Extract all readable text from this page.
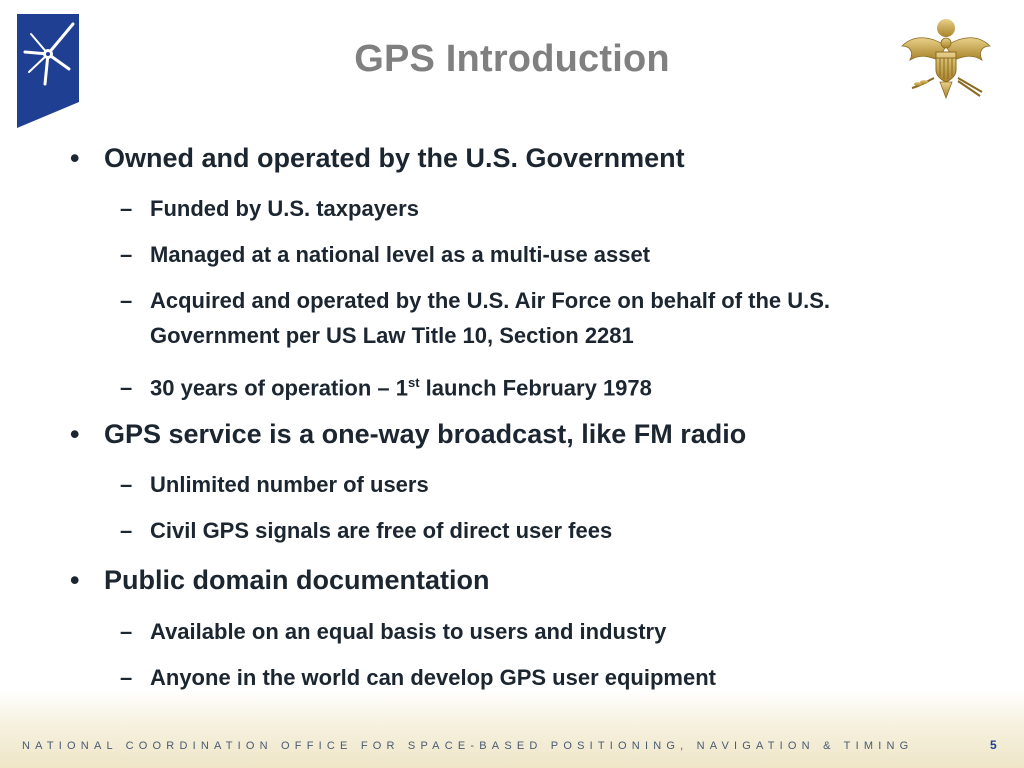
GPS Introduction
• Owned and operated by the U.S. Government
– Funded by U.S. taxpayers
– Managed at a national level as a multi-use asset
– Acquired and operated by the U.S. Air Force on behalf of the U.S.
Government per US Law Title 10, Section 2281
– 30 years of operation – 1st launch February 1978
• GPS service is a one-way broadcast, like FM radio
– Unlimited number of users
– Civil GPS signals are free of direct user fees
• Public domain documentation
– Available on an equal basis to users and industry
– Anyone in the world can develop GPS user equipment
NATIONAL COORDINATION OFFICE FOR SPACE-BASED POSITIONING, NAVIGATION & TIMING	5
